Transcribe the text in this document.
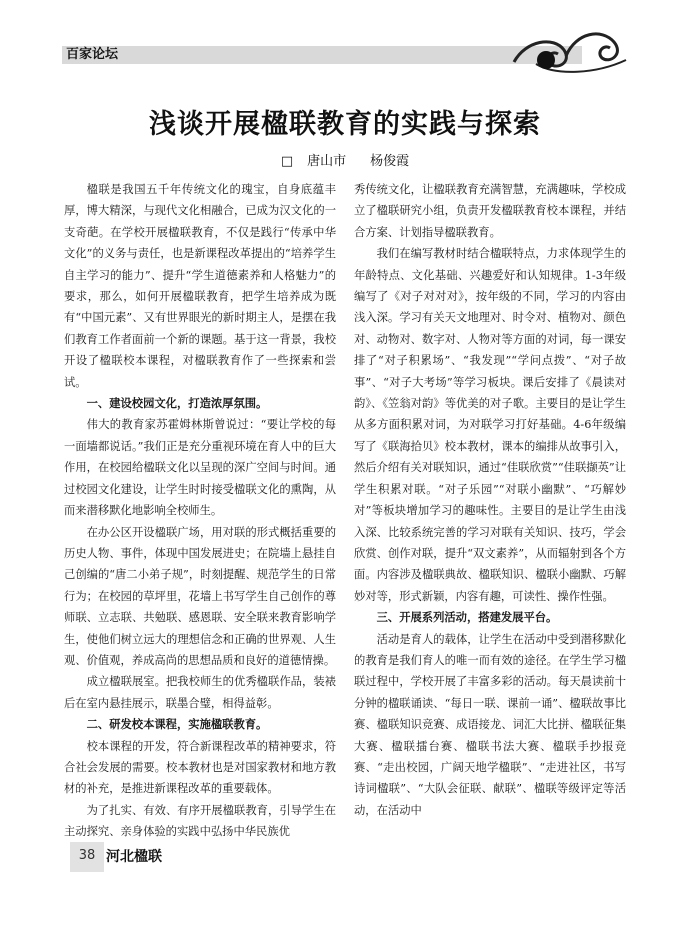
百家论坛
浅谈开展楹联教育的实践与探索
□ 唐山市 杨俊霞

楹联是我国五千年传统文化的瑰宝，自身底蕴丰厚，博大精深，与现代文化相融合，已成为汉文化的一支奇葩。在学校开展楹联教育，不仅是践行“传承中华文化”的义务与责任，也是新课程改革提出的“培养学生自主学习的能力”、提升“学生道德素养和人格魅力”的要求，那么，如何开展楹联教育，把学生培养成为既有“中国元素”、又有世界眼光的新时期主人，是摆在我们教育工作者面前一个新的课题。基于这一背景，我校开设了楹联校本课程，对楹联教育作了一些探索和尝试。

一、建设校园文化，打造浓厚氛围。

伟大的教育家苏霍姆林斯曾说过：“要让学校的每一面墙都说话。”我们正是充分重视环境在育人中的巨大作用，在校园给楹联文化以呈现的深广空间与时间。通过校园文化建设，让学生时时接受楹联文化的熏陶，从而来潜移默化地影响全校师生。

在办公区开设楹联广场，用对联的形式概括重要的历史人物、事件，体现中国发展进史；在院墙上悬挂自己创编的“唐二小弟子规”，时刻提醒、规范学生的日常行为；在校园的草坪里，花墙上书写学生自己创作的尊师联、立志联、共勉联、感恩联、安全联来教育影响学生，使他们树立远大的理想信念和正确的世界观、人生观、价值观，养成高尚的思想品质和良好的道德情操。

成立楹联展室。把我校师生的优秀楹联作品，装裱后在室内悬挂展示，联墨合璧，相得益彰。

二、研发校本课程，实施楹联教育。

校本课程的开发，符合新课程改革的精神要求，符合社会发展的需要。校本教材也是对国家教材和地方教材的补充，是推进新课程改革的重要载体。

为了扎实、有效、有序开展楹联教育，引导学生在主动探究、亲身体验的实践中弘扬中华民族优

秀传统文化，让楹联教育充满智慧，充满趣味，学校成立了楹联研究小组，负责开发楹联教育校本课程，并结合方案、计划指导楹联教育。

我们在编写教材时结合楹联特点，力求体现学生的年龄特点、文化基础、兴趣爱好和认知规律。1-3年级编写了《对子对对对》，按年级的不同，学习的内容由浅入深。学习有关天文地理对、时令对、植物对、颜色对、动物对、数字对、人物对等方面的对词，每一课安排了“对子积累场”、“我发现”“学问点拨”、“对子故事”、“对子大考场”等学习板块。课后安排了《晨读对韵》、《笠翁对韵》等优美的对子歌。主要目的是让学生从多方面积累对词，为对联学习打好基础。4-6年级编写了《联海拾贝》校本教材，课本的编排从故事引入，然后介绍有关对联知识，通过“佳联欣赏”“佳联撷英”让学生积累对联。“对子乐园”“对联小幽默”、“巧解妙对”等板块增加学习的趣味性。主要目的是让学生由浅入深、比较系统完善的学习对联有关知识、技巧，学会欣赏、创作对联，提升“双文素养”，从而辐射到各个方面。内容涉及楹联典故、楹联知识、楹联小幽默、巧解妙对等，形式新颖，内容有趣，可读性、操作性强。

三、开展系列活动，搭建发展平台。

活动是育人的载体，让学生在活动中受到潜移默化的教育是我们育人的唯一而有效的途径。在学生学习楹联过程中，学校开展了丰富多彩的活动。每天晨读前十分钟的楹联诵读、“每日一联、课前一诵”、楹联故事比赛、楹联知识竞赛、成语接龙、词汇大比拼、楹联征集大赛、楹联擂台赛、楹联书法大赛、楹联手抄报竞赛、“走出校园，广阔天地学楹联”、“走进社区，书写诗词楹联”、“大队会征联、献联”、楹联等级评定等活动，在活动中

38 河北楹联
